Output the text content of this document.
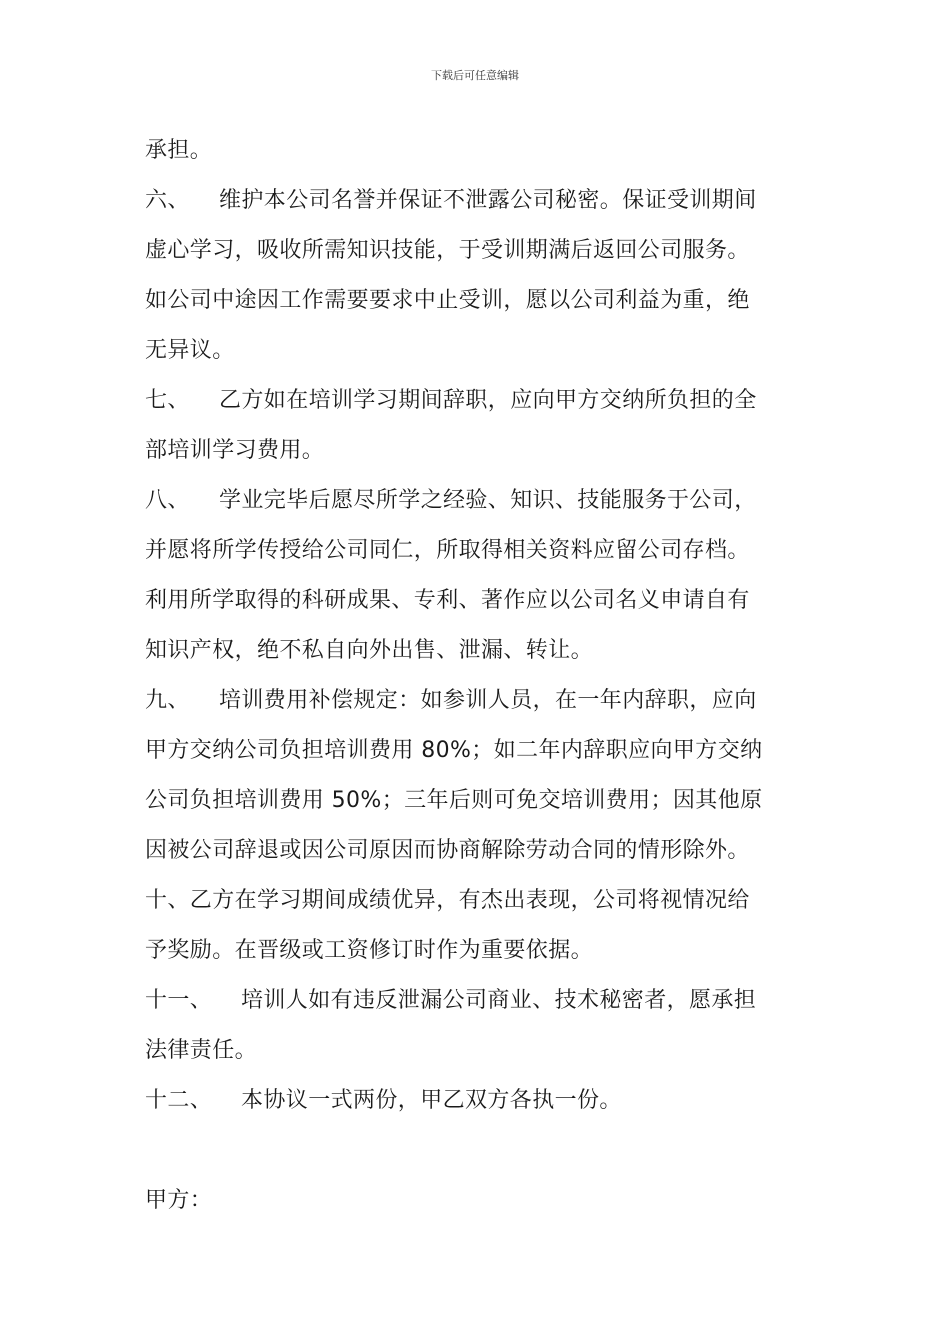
下载后可任意编辑
承担。
六、 维护本公司名誉并保证不泄露公司秘密。保证受训期间
虚心学习，吸收所需知识技能，于受训期满后返回公司服务。
如公司中途因工作需要要求中止受训，愿以公司利益为重，绝
无异议。
七、 乙方如在培训学习期间辞职，应向甲方交纳所负担的全
部培训学习费用。
八、 学业完毕后愿尽所学之经验、知识、技能服务于公司，
并愿将所学传授给公司同仁，所取得相关资料应留公司存档。
利用所学取得的科研成果、专利、著作应以公司名义申请自有
知识产权，绝不私自向外出售、泄漏、转让。
九、 培训费用补偿规定：如参训人员，在一年内辞职，应向
甲方交纳公司负担培训费用 80%；如二年内辞职应向甲方交纳
公司负担培训费用 50%；三年后则可免交培训费用；因其他原
因被公司辞退或因公司原因而协商解除劳动合同的情形除外。
十、乙方在学习期间成绩优异，有杰出表现，公司将视情况给
予奖励。在晋级或工资修订时作为重要依据。
十一、 培训人如有违反泄漏公司商业、技术秘密者，愿承担
法律责任。
十二、 本协议一式两份，甲乙双方各执一份。
甲方：
